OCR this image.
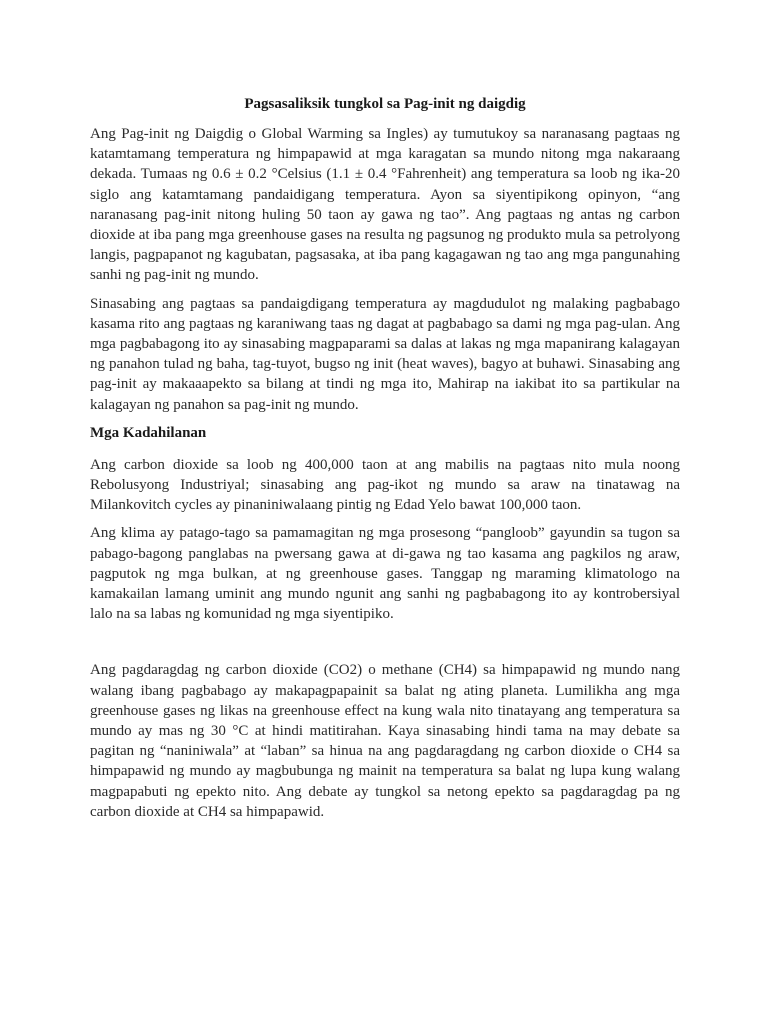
Pagsasaliksik tungkol sa Pag-init ng daigdig

Ang Pag-init ng Daigdig o Global Warming sa Ingles) ay tumutukoy sa naranasang pagtaas ng katamtamang temperatura ng himpapawid at mga karagatan sa mundo nitong mga nakaraang dekada. Tumaas ng 0.6 ± 0.2 °Celsius (1.1 ± 0.4 °Fahrenheit) ang temperatura sa loob ng ika-20 siglo ang katamtamang pandaidigang temperatura. Ayon sa siyentipikong opinyon, “ang naranasang pag-init nitong huling 50 taon ay gawa ng tao”. Ang pagtaas ng antas ng carbon dioxide at iba pang mga greenhouse gases na resulta ng pagsunog ng produkto mula sa petrolyong langis, pagpapanot ng kagubatan, pagsasaka, at iba pang kagagawan ng tao ang mga pangunahing sanhi ng pag-init ng mundo.

Sinasabing ang pagtaas sa pandaigdigang temperatura ay magdudulot ng malaking pagbabago kasama rito ang pagtaas ng karaniwang taas ng dagat at pagbabago sa dami ng mga pag-ulan. Ang mga pagbabagong ito ay sinasabing magpaparami sa dalas at lakas ng mga mapanirang kalagayan ng panahon tulad ng baha, tag-tuyot, bugso ng init (heat waves), bagyo at buhawi. Sinasabing ang pag-init ay makaaapekto sa bilang at tindi ng mga ito, Mahirap na iakibat ito sa partikular na kalagayan ng panahon sa pag-init ng mundo.

Mga Kadahilanan

Ang carbon dioxide sa loob ng 400,000 taon at ang mabilis na pagtaas nito mula noong Rebolusyong Industriyal; sinasabing ang pag-ikot ng mundo sa araw na tinatawag na Milankovitch cycles ay pinaniniwalaang pintig ng Edad Yelo bawat 100,000 taon.

Ang klima ay patago-tago sa pamamagitan ng mga prosesong “pangloob” gayundin sa tugon sa pabago-bagong panglabas na pwersang gawa at di-gawa ng tao kasama ang pagkilos ng araw, pagputok ng mga bulkan, at ng greenhouse gases. Tanggap ng maraming klimatologo na kamakailan lamang uminit ang mundo ngunit ang sanhi ng pagbabagong ito ay kontrobersiyal lalo na sa labas ng komunidad ng mga siyentipiko.

Ang pagdaragdag ng carbon dioxide (CO2) o methane (CH4) sa himpapawid ng mundo nang walang ibang pagbabago ay makapagpapainit sa balat ng ating planeta. Lumilikha ang mga greenhouse gases ng likas na greenhouse effect na kung wala nito tinatayang ang temperatura sa mundo ay mas ng 30 °C at hindi matitirahan. Kaya sinasabing hindi tama na may debate sa pagitan ng “naniniwala” at “laban” sa hinua na ang pagdaragdang ng carbon dioxide o CH4 sa himpapawid ng mundo ay magbubunga ng mainit na temperatura sa balat ng lupa kung walang magpapabuti ng epekto nito. Ang debate ay tungkol sa netong epekto sa pagdaragdag pa ng carbon dioxide at CH4 sa himpapawid.
